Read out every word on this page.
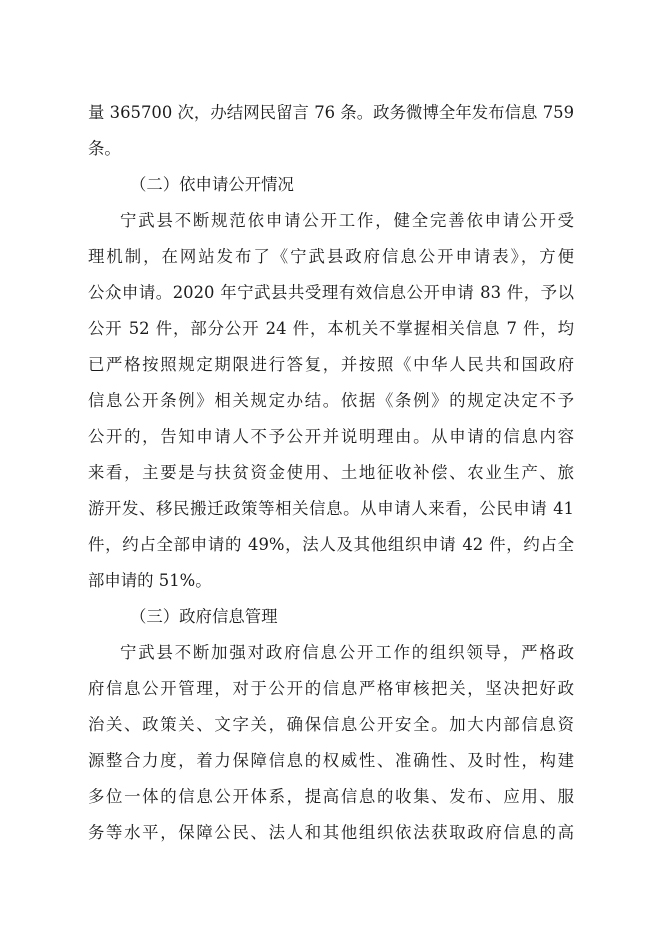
量 365700 次，办结网民留言 76 条。政务微博全年发布信息 759
条。
（二）依申请公开情况
宁武县不断规范依申请公开工作，健全完善依申请公开受
理机制，在网站发布了《宁武县政府信息公开申请表》，方便
公众申请。2020 年宁武县共受理有效信息公开申请 83 件，予以
公开 52 件，部分公开 24 件，本机关不掌握相关信息 7 件，均
已严格按照规定期限进行答复，并按照《中华人民共和国政府
信息公开条例》相关规定办结。依据《条例》的规定决定不予
公开的，告知申请人不予公开并说明理由。从申请的信息内容
来看，主要是与扶贫资金使用、土地征收补偿、农业生产、旅
游开发、移民搬迁政策等相关信息。从申请人来看，公民申请 41
件，约占全部申请的 49%，法人及其他组织申请 42 件，约占全
部申请的 51%。
（三）政府信息管理
宁武县不断加强对政府信息公开工作的组织领导，严格政
府信息公开管理，对于公开的信息严格审核把关，坚决把好政
治关、政策关、文字关，确保信息公开安全。加大内部信息资
源整合力度，着力保障信息的权威性、准确性、及时性，构建
多位一体的信息公开体系，提高信息的收集、发布、应用、服
务等水平，保障公民、法人和其他组织依法获取政府信息的高
